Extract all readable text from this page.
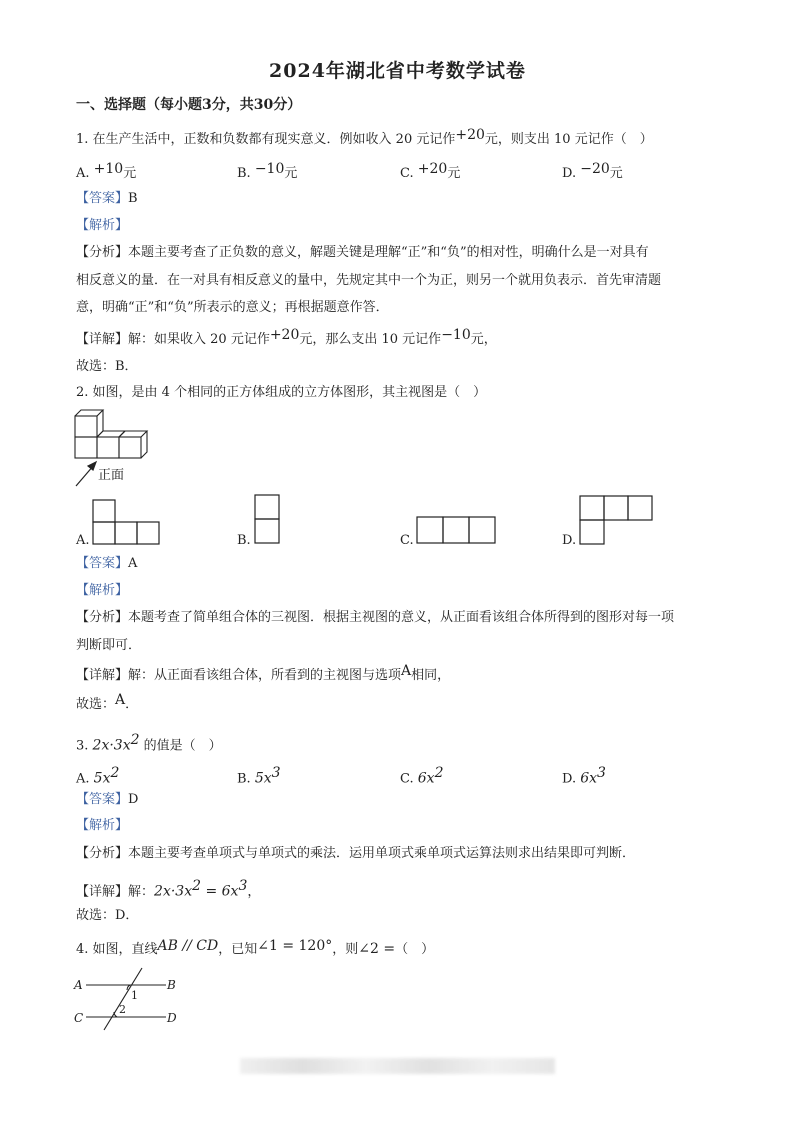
2024年湖北省中考数学试卷
一、选择题（每小题3分，共30分）
1. 在生产生活中，正数和负数都有现实意义．例如收入 20 元记作+20元，则支出 10 元记作（　）
A. +10元	B. −10元	C. +20元	D. −20元
【答案】B
【解析】
【分析】本题主要考查了正负数的意义，解题关键是理解“正”和“负”的相对性，明确什么是一对具有
相反意义的量．在一对具有相反意义的量中，先规定其中一个为正，则另一个就用负表示．首先审清题
意，明确“正”和“负”所表示的意义；再根据题意作答．
【详解】解：如果收入 20 元记作+20元，那么支出 10 元记作−10元，
故选：B．
2. 如图，是由 4 个相同的正方体组成的立方体图形，其主视图是（　）
正面
A.	B.	C.	D.
【答案】A
【解析】
【分析】本题考查了简单组合体的三视图．根据主视图的意义，从正面看该组合体所得到的图形对每一项
判断即可．
【详解】解：从正面看该组合体，所看到的主视图与选项A相同，
故选：A．
3. $2x\cdot 3x^2$ 的值是（　）
A. $5x^2$	B. $5x^3$	C. $6x^2$	D. $6x^3$
【答案】D
【解析】
【分析】本题主要考查单项式与单项式的乘法．运用单项式乘单项式运算法则求出结果即可判断．
【详解】解：$2x\cdot 3x^2 = 6x^3$，
故选：D．
4. 如图，直线AB // CD，已知∠1 = 120°，则∠2 =（　）
A	B
C	D
1
2
